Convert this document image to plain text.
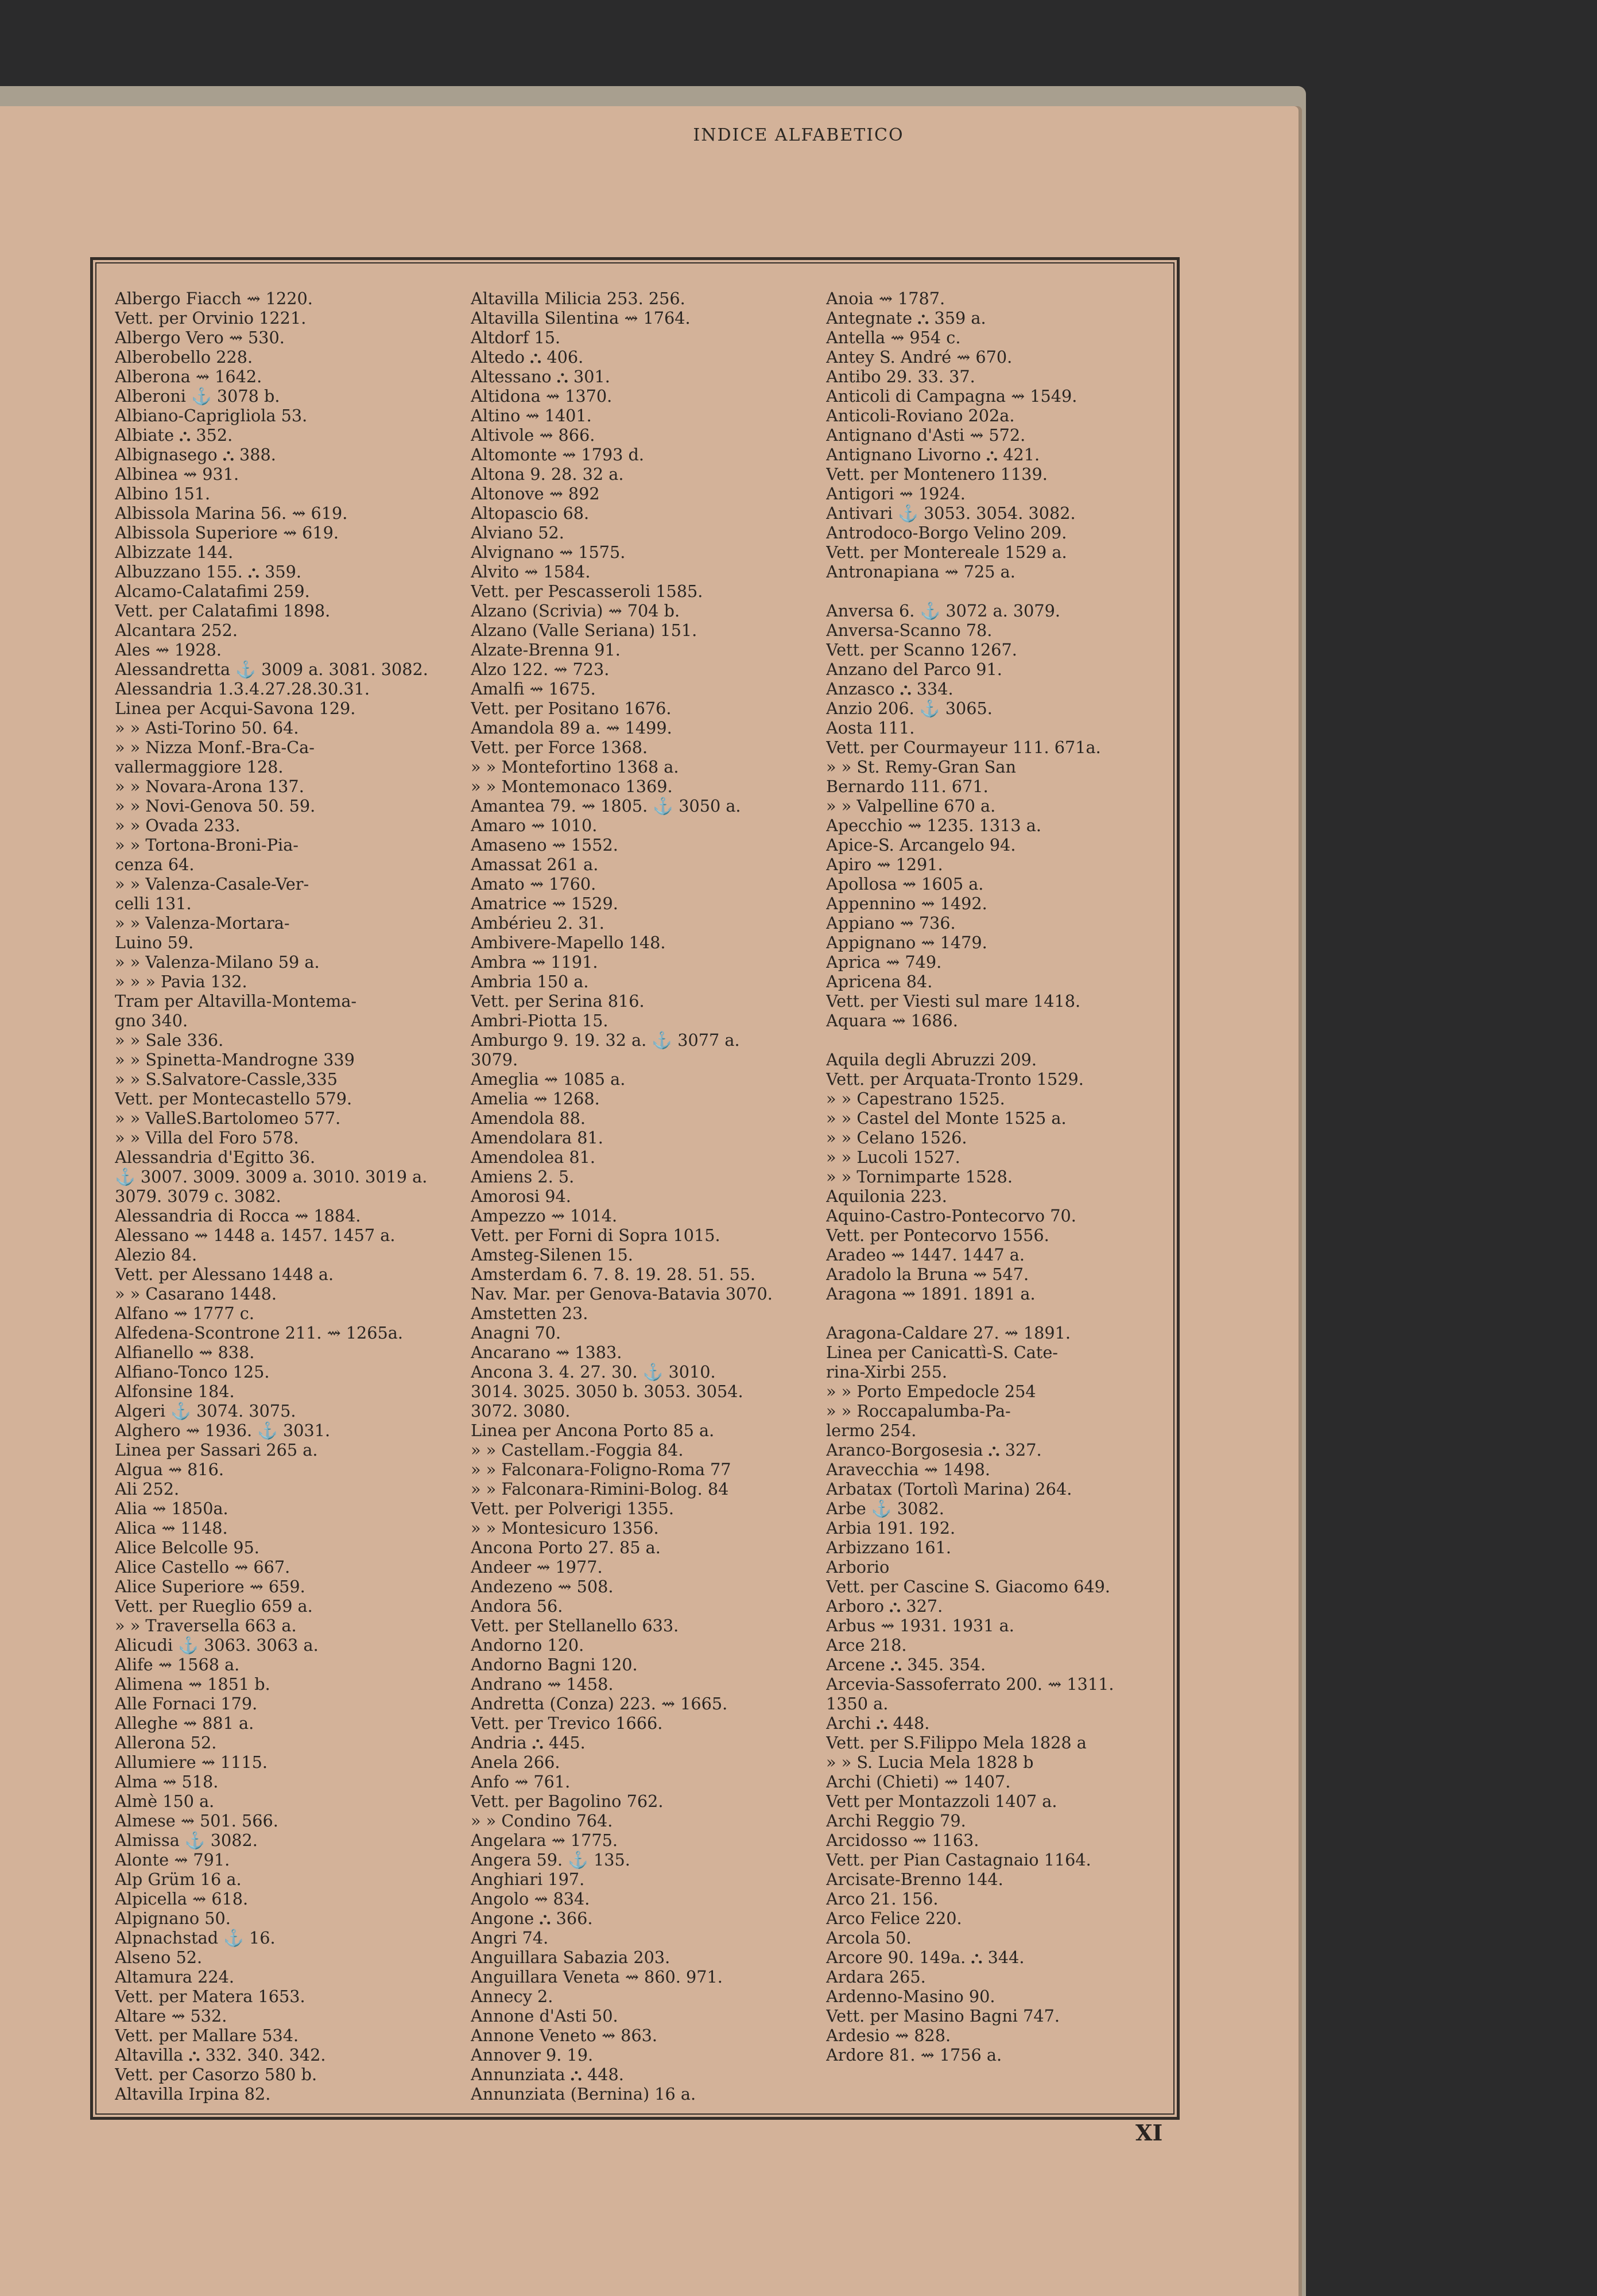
INDICE ALFABETICO
Albergo Fiacch ⇝ 1220.
Vett. per Orvinio 1221.
Albergo Vero ⇝ 530.
Alberobello 228.
Alberona ⇝ 1642.
Alberoni ⚓ 3078 b.
Albiano-Caprigliola 53.
Albiate ⛬ 352.
Albignasego ⛬ 388.
Albinea ⇝ 931.
Albino 151.
Albissola Marina 56. ⇝ 619.
Albissola Superiore ⇝ 619.
Albizzate 144.
Albuzzano 155. ⛬ 359.
Alcamo-Calatafimi 259.
Vett. per Calatafimi 1898.
Alcantara 252.
Ales ⇝ 1928.
Alessandretta ⚓ 3009 a. 3081. 3082.
Alessandria 1.3.4.27.28.30.31.
Linea per Acqui-Savona 129.
» » Asti-Torino 50. 64.
» » Nizza Monf.-Bra-Ca-
vallermaggiore 128.
» » Novara-Arona 137.
» » Novi-Genova 50. 59.
» » Ovada 233.
» » Tortona-Broni-Pia-
cenza 64.
» » Valenza-Casale-Ver-
celli 131.
» » Valenza-Mortara-
Luino 59.
» » Valenza-Milano 59 a.
» » » Pavia 132.
Tram per Altavilla-Montema-
gno 340.
» » Sale 336.
» » Spinetta-Mandrogne 339
» » S.Salvatore-Cassle,335
Vett. per Montecastello 579.
» » ValleS.Bartolomeo 577.
» » Villa del Foro 578.
Alessandria d'Egitto 36.
⚓ 3007. 3009. 3009 a. 3010. 3019 a.
3079. 3079 c. 3082.
Alessandria di Rocca ⇝ 1884.
Alessano ⇝ 1448 a. 1457. 1457 a.
Alezio 84.
Vett. per Alessano 1448 a.
» » Casarano 1448.
Alfano ⇝ 1777 c.
Alfedena-Scontrone 211. ⇝ 1265a.
Alfianello ⇝ 838.
Alfiano-Tonco 125.
Alfonsine 184.
Algeri ⚓ 3074. 3075.
Alghero ⇝ 1936. ⚓ 3031.
Linea per Sassari 265 a.
Algua ⇝ 816.
Ali 252.
Alia ⇝ 1850a.
Alica ⇝ 1148.
Alice Belcolle 95.
Alice Castello ⇝ 667.
Alice Superiore ⇝ 659.
Vett. per Rueglio 659 a.
» » Traversella 663 a.
Alicudi ⚓ 3063. 3063 a.
Alife ⇝ 1568 a.
Alimena ⇝ 1851 b.
Alle Fornaci 179.
Alleghe ⇝ 881 a.
Allerona 52.
Allumiere ⇝ 1115.
Alma ⇝ 518.
Almè 150 a.
Almese ⇝ 501. 566.
Almissa ⚓ 3082.
Alonte ⇝ 791.
Alp Grüm 16 a.
Alpicella ⇝ 618.
Alpignano 50.
Alpnachstad ⚓ 16.
Alseno 52.
Altamura 224.
Vett. per Matera 1653.
Altare ⇝ 532.
Vett. per Mallare 534.
Altavilla ⛬ 332. 340. 342.
Vett. per Casorzo 580 b.
Altavilla Irpina 82.
Altavilla Milicia 253. 256.
Altavilla Silentina ⇝ 1764.
Altdorf 15.
Altedo ⛬ 406.
Altessano ⛬ 301.
Altidona ⇝ 1370.
Altino ⇝ 1401.
Altivole ⇝ 866.
Altomonte ⇝ 1793 d.
Altona 9. 28. 32 a.
Altonove ⇝ 892
Altopascio 68.
Alviano 52.
Alvignano ⇝ 1575.
Alvito ⇝ 1584.
Vett. per Pescasseroli 1585.
Alzano (Scrivia) ⇝ 704 b.
Alzano (Valle Seriana) 151.
Alzate-Brenna 91.
Alzo 122. ⇝ 723.
Amalfi ⇝ 1675.
Vett. per Positano 1676.
Amandola 89 a. ⇝ 1499.
Vett. per Force 1368.
» » Montefortino 1368 a.
» » Montemonaco 1369.
Amantea 79. ⇝ 1805. ⚓ 3050 a.
Amaro ⇝ 1010.
Amaseno ⇝ 1552.
Amassat 261 a.
Amato ⇝ 1760.
Amatrice ⇝ 1529.
Ambérieu 2. 31.
Ambivere-Mapello 148.
Ambra ⇝ 1191.
Ambria 150 a.
Vett. per Serina 816.
Ambri-Piotta 15.
Amburgo 9. 19. 32 a. ⚓ 3077 a.
3079.
Ameglia ⇝ 1085 a.
Amelia ⇝ 1268.
Amendola 88.
Amendolara 81.
Amendolea 81.
Amiens 2. 5.
Amorosi 94.
Ampezzo ⇝ 1014.
Vett. per Forni di Sopra 1015.
Amsteg-Silenen 15.
Amsterdam 6. 7. 8. 19. 28. 51. 55.
Nav. Mar. per Genova-Batavia 3070.
Amstetten 23.
Anagni 70.
Ancarano ⇝ 1383.
Ancona 3. 4. 27. 30. ⚓ 3010.
3014. 3025. 3050 b. 3053. 3054.
3072. 3080.
Linea per Ancona Porto 85 a.
» » Castellam.-Foggia 84.
» » Falconara-Foligno-Roma 77
» » Falconara-Rimini-Bolog. 84
Vett. per Polverigi 1355.
» » Montesicuro 1356.
Ancona Porto 27. 85 a.
Andeer ⇝ 1977.
Andezeno ⇝ 508.
Andora 56.
Vett. per Stellanello 633.
Andorno 120.
Andorno Bagni 120.
Andrano ⇝ 1458.
Andretta (Conza) 223. ⇝ 1665.
Vett. per Trevico 1666.
Andria ⛬ 445.
Anela 266.
Anfo ⇝ 761.
Vett. per Bagolino 762.
» » Condino 764.
Angelara ⇝ 1775.
Angera 59. ⚓ 135.
Anghiari 197.
Angolo ⇝ 834.
Angone ⛬ 366.
Angri 74.
Anguillara Sabazia 203.
Anguillara Veneta ⇝ 860. 971.
Annecy 2.
Annone d'Asti 50.
Annone Veneto ⇝ 863.
Annover 9. 19.
Annunziata ⛬ 448.
Annunziata (Bernina) 16 a.
Anoia ⇝ 1787.
Antegnate ⛬ 359 a.
Antella ⇝ 954 c.
Antey S. André ⇝ 670.
Antibo 29. 33. 37.
Anticoli di Campagna ⇝ 1549.
Anticoli-Roviano 202a.
Antignano d'Asti ⇝ 572.
Antignano Livorno ⛬ 421.
Vett. per Montenero 1139.
Antigori ⇝ 1924.
Antivari ⚓ 3053. 3054. 3082.
Antrodoco-Borgo Velino 209.
Vett. per Montereale 1529 a.
Antronapiana ⇝ 725 a.
Anversa 6. ⚓ 3072 a. 3079.
Anversa-Scanno 78.
Vett. per Scanno 1267.
Anzano del Parco 91.
Anzasco ⛬ 334.
Anzio 206. ⚓ 3065.
Aosta 111.
Vett. per Courmayeur 111. 671a.
» » St. Remy-Gran San
Bernardo 111. 671.
» » Valpelline 670 a.
Apecchio ⇝ 1235. 1313 a.
Apice-S. Arcangelo 94.
Apiro ⇝ 1291.
Apollosa ⇝ 1605 a.
Appennino ⇝ 1492.
Appiano ⇝ 736.
Appignano ⇝ 1479.
Aprica ⇝ 749.
Apricena 84.
Vett. per Viesti sul mare 1418.
Aquara ⇝ 1686.
Aquila degli Abruzzi 209.
Vett. per Arquata-Tronto 1529.
» » Capestrano 1525.
» » Castel del Monte 1525 a.
» » Celano 1526.
» » Lucoli 1527.
» » Tornimparte 1528.
Aquilonia 223.
Aquino-Castro-Pontecorvo 70.
Vett. per Pontecorvo 1556.
Aradeo ⇝ 1447. 1447 a.
Aradolo la Bruna ⇝ 547.
Aragona ⇝ 1891. 1891 a.
Aragona-Caldare 27. ⇝ 1891.
Linea per Canicattì-S. Cate-
rina-Xirbi 255.
» » Porto Empedocle 254
» » Roccapalumba-Pa-
lermo 254.
Aranco-Borgosesia ⛬ 327.
Aravecchia ⇝ 1498.
Arbatax (Tortolì Marina) 264.
Arbe ⚓ 3082.
Arbia 191. 192.
Arbizzano 161.
Arborio
Vett. per Cascine S. Giacomo 649.
Arboro ⛬ 327.
Arbus ⇝ 1931. 1931 a.
Arce 218.
Arcene ⛬ 345. 354.
Arcevia-Sassoferrato 200. ⇝ 1311.
1350 a.
Archi ⛬ 448.
Vett. per S.Filippo Mela 1828 a
» » S. Lucia Mela 1828 b
Archi (Chieti) ⇝ 1407.
Vett per Montazzoli 1407 a.
Archi Reggio 79.
Arcidosso ⇝ 1163.
Vett. per Pian Castagnaio 1164.
Arcisate-Brenno 144.
Arco 21. 156.
Arco Felice 220.
Arcola 50.
Arcore 90. 149a. ⛬ 344.
Ardara 265.
Ardenno-Masino 90.
Vett. per Masino Bagni 747.
Ardesio ⇝ 828.
Ardore 81. ⇝ 1756 a.
XI
